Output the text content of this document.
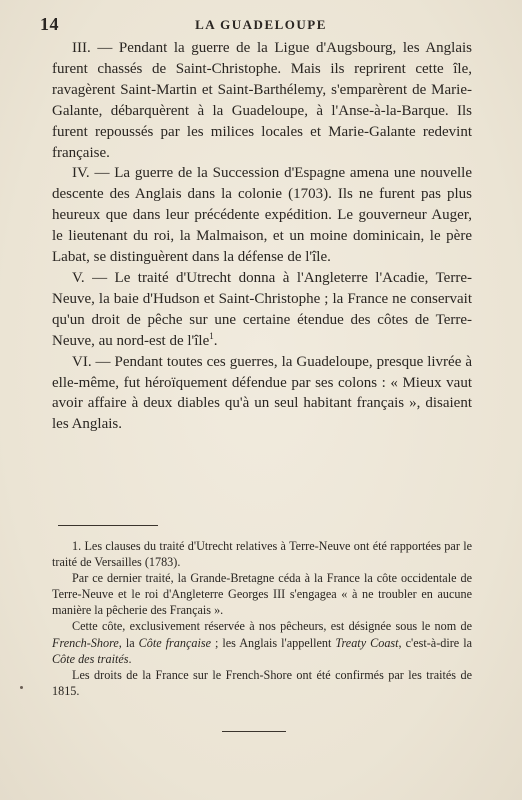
14	LA GUADELOUPE

III. — Pendant la guerre de la Ligue d'Augsbourg, les Anglais furent chassés de Saint-Christophe. Mais ils reprirent cette île, ravagèrent Saint-Martin et Saint-Barthélemy, s'emparèrent de Marie-Galante, débarquèrent à la Guadeloupe, à l'Anse-à-la-Barque. Ils furent repoussés par les milices locales et Marie-Galante redevint française.

IV. — La guerre de la Succession d'Espagne amena une nouvelle descente des Anglais dans la colonie (1703). Ils ne furent pas plus heureux que dans leur précédente expédition. Le gouverneur Auger, le lieutenant du roi, la Malmaison, et un moine dominicain, le père Labat, se distinguèrent dans la défense de l'île.

V. — Le traité d'Utrecht donna à l'Angleterre l'Acadie, Terre-Neuve, la baie d'Hudson et Saint-Christophe ; la France ne conservait qu'un droit de pêche sur une certaine étendue des côtes de Terre-Neuve, au nord-est de l'île$^1$.

VI. — Pendant toutes ces guerres, la Guadeloupe, presque livrée à elle-même, fut héroïquement défendue par ses colons : « Mieux vaut avoir affaire à deux diables qu'à un seul habitant français », disaient les Anglais.

1. Les clauses du traité d'Utrecht relatives à Terre-Neuve ont été rapportées par le traité de Versailles (1783).

Par ce dernier traité, la Grande-Bretagne céda à la France la côte occidentale de Terre-Neuve et le roi d'Angleterre Georges III s'engagea « à ne troubler en aucune manière la pêcherie des Français ».

Cette côte, exclusivement réservée à nos pêcheurs, est désignée sous le nom de French-Shore, la Côte française ; les Anglais l'appellent Treaty Coast, c'est-à-dire la Côte des traités.

Les droits de la France sur le French-Shore ont été confirmés par les traités de 1815.
